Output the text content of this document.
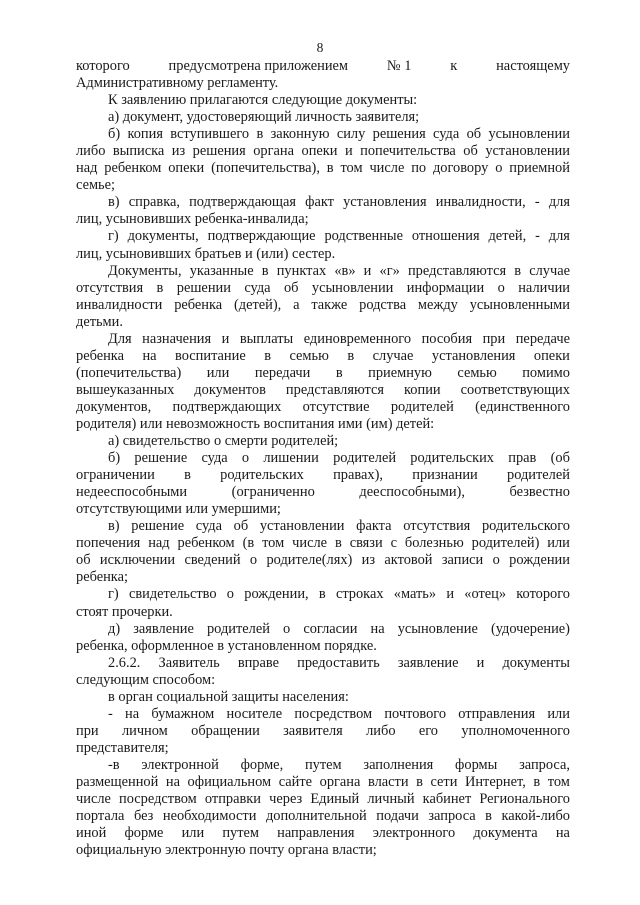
8
которого	предусмотрена приложением	№ 1	к	настоящему
Административному регламенту.
К заявлению прилагаются следующие документы:
а) документ, удостоверяющий личность заявителя;
б) копия вступившего в законную силу решения суда об усыновлении
либо выписка из решения органа опеки и попечительства об установлении
над ребенком опеки (попечительства), в том числе по договору о приемной
семье;
в) справка, подтверждающая факт установления инвалидности, - для
лиц, усыновивших ребенка-инвалида;
г) документы, подтверждающие родственные отношения детей, - для
лиц, усыновивших братьев и (или) сестер.
Документы, указанные в пунктах «в» и «г» представляются в случае
отсутствия в решении суда об усыновлении информации о наличии
инвалидности ребенка (детей), а также родства между усыновленными
детьми.
Для назначения и выплаты единовременного пособия при передаче
ребенка на воспитание в семью в случае установления опеки
(попечительства) или передачи в приемную семью помимо
вышеуказанных документов представляются копии соответствующих
документов, подтверждающих отсутствие родителей (единственного
родителя) или невозможность воспитания ими (им) детей:
а) свидетельство о смерти родителей;
б) решение суда о лишении родителей родительских прав (об
ограничении в родительских правах), признании родителей
недееспособными	(ограниченно	дееспособными),	безвестно
отсутствующими или умершими;
в) решение суда об установлении факта отсутствия родительского
попечения над ребенком (в том числе в связи с болезнью родителей) или
об исключении сведений о родителе(лях) из актовой записи о рождении
ребенка;
г) свидетельство о рождении, в строках «мать» и «отец» которого
стоят прочерки.
д) заявление родителей о согласии на усыновление (удочерение)
ребенка, оформленное в установленном порядке.
2.6.2. Заявитель вправе предоставить заявление и документы
следующим способом:
в орган социальной защиты населения:
- на бумажном носителе посредством почтового отправления или
при личном обращении заявителя либо его уполномоченного
представителя;
-в электронной форме, путем заполнения формы запроса,
размещенной на официальном сайте органа власти в сети Интернет, в том
числе посредством отправки через Единый личный кабинет Регионального
портала без необходимости дополнительной подачи запроса в какой-либо
иной форме или путем направления электронного документа на
официальную электронную почту органа власти;
